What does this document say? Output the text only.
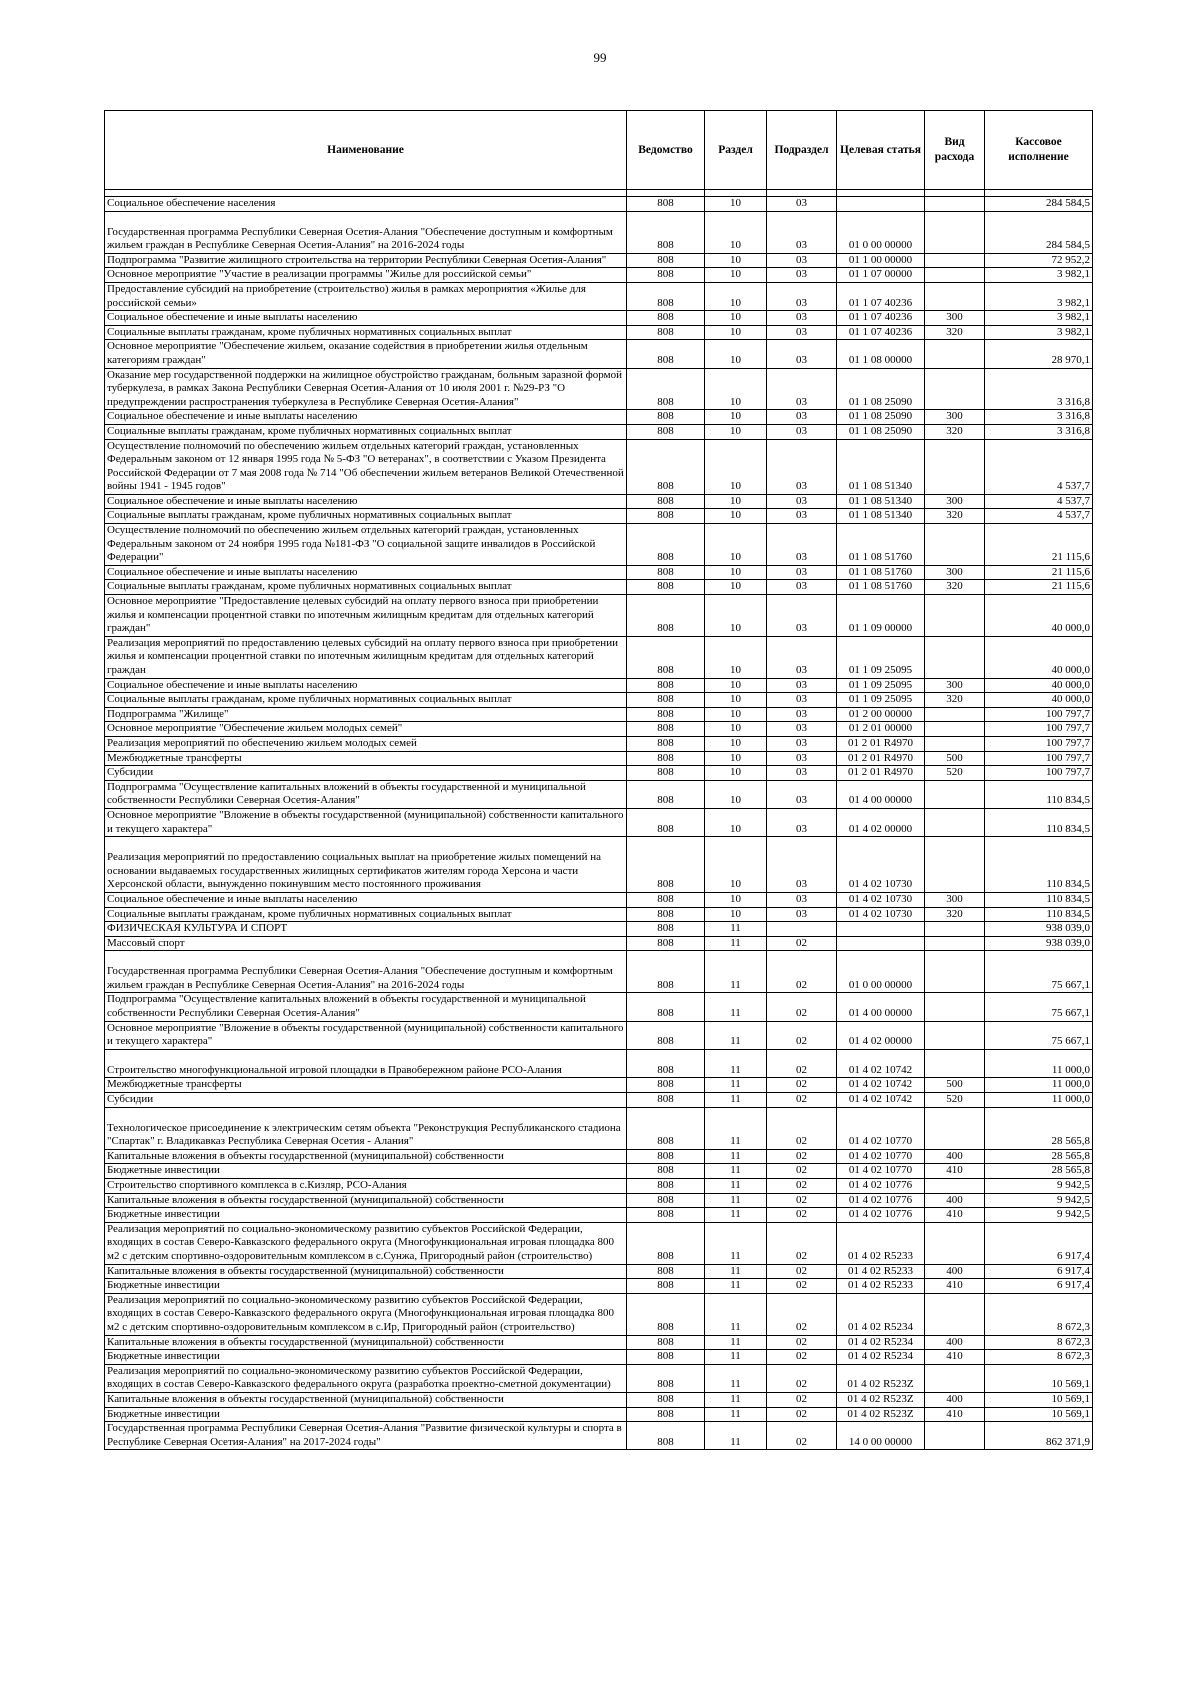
99
Наименование	Ведомство	Раздел	Подраздел	Целевая статья	Вид расхода	Кассовое исполнение

Социальное обеспечение населения	808	10	03			284 584,5
Государственная программа Республики Северная Осетия-Алания "Обеспечение доступным и комфортным жильем граждан в Республике Северная Осетия-Алания" на 2016-2024 годы	808	10	03	01 0 00 00000		284 584,5
Подпрограмма "Развитие жилищного строительства на территории Республики Северная Осетия-Алания"	808	10	03	01 1 00 00000		72 952,2
Основное мероприятие "Участие в реализации программы "Жилье для российской семьи"	808	10	03	01 1 07 00000		3 982,1
Предоставление субсидий на приобретение (строительство) жилья в рамках мероприятия «Жилье для российской семьи»	808	10	03	01 1 07 40236		3 982,1
Социальное обеспечение и иные выплаты населению	808	10	03	01 1 07 40236	300	3 982,1
Социальные выплаты гражданам, кроме публичных нормативных социальных выплат	808	10	03	01 1 07 40236	320	3 982,1
Основное мероприятие "Обеспечение жильем, оказание содействия в приобретении жилья отдельным категориям граждан"	808	10	03	01 1 08 00000		28 970,1
Оказание мер государственной поддержки на жилищное обустройство гражданам, больным заразной формой туберкулеза, в рамках Закона Республики Северная Осетия-Алания от 10 июля 2001 г. №29-РЗ "О предупреждении распространения туберкулеза в Республике Северная Осетия-Алания"	808	10	03	01 1 08 25090		3 316,8
Социальное обеспечение и иные выплаты населению	808	10	03	01 1 08 25090	300	3 316,8
Социальные выплаты гражданам, кроме публичных нормативных социальных выплат	808	10	03	01 1 08 25090	320	3 316,8
Осуществление полномочий по обеспечению жильем отдельных категорий граждан, установленных Федеральным законом от 12 января 1995 года № 5-ФЗ "О ветеранах", в соответствии с Указом Президента Российской Федерации от 7 мая 2008 года № 714 "Об обеспечении жильем ветеранов Великой Отечественной войны 1941 - 1945 годов"	808	10	03	01 1 08 51340		4 537,7
Социальное обеспечение и иные выплаты населению	808	10	03	01 1 08 51340	300	4 537,7
Социальные выплаты гражданам, кроме публичных нормативных социальных выплат	808	10	03	01 1 08 51340	320	4 537,7
Осуществление полномочий по обеспечению жильем отдельных категорий граждан, установленных Федеральным законом от 24 ноября 1995 года №181-ФЗ "О социальной защите инвалидов в Российской Федерации"	808	10	03	01 1 08 51760		21 115,6
Социальное обеспечение и иные выплаты населению	808	10	03	01 1 08 51760	300	21 115,6
Социальные выплаты гражданам, кроме публичных нормативных социальных выплат	808	10	03	01 1 08 51760	320	21 115,6
Основное мероприятие "Предоставление целевых субсидий на оплату первого взноса при приобретении жилья и компенсации процентной ставки по ипотечным жилищным кредитам для отдельных категорий граждан"	808	10	03	01 1 09 00000		40 000,0
Реализация мероприятий по предоставлению целевых субсидий на оплату первого взноса при приобретении жилья и компенсации процентной ставки по ипотечным жилищным кредитам для отдельных категорий граждан	808	10	03	01 1 09 25095		40 000,0
Социальное обеспечение и иные выплаты населению	808	10	03	01 1 09 25095	300	40 000,0
Социальные выплаты гражданам, кроме публичных нормативных социальных выплат	808	10	03	01 1 09 25095	320	40 000,0
Подпрограмма "Жилище"	808	10	03	01 2 00 00000		100 797,7
Основное мероприятие "Обеспечение жильем молодых семей"	808	10	03	01 2 01 00000		100 797,7
Реализация мероприятий по обеспечению жильем молодых семей	808	10	03	01 2 01 R4970		100 797,7
Межбюджетные трансферты	808	10	03	01 2 01 R4970	500	100 797,7
Субсидии	808	10	03	01 2 01 R4970	520	100 797,7
Подпрограмма "Осуществление капитальных вложений в объекты государственной и муниципальной собственности Республики Северная Осетия-Алания"	808	10	03	01 4 00 00000		110 834,5
Основное мероприятие "Вложение в объекты государственной (муниципальной) собственности капитального и текущего характера"	808	10	03	01 4 02 00000		110 834,5
Реализация мероприятий по предоставлению социальных выплат на приобретение жилых помещений на основании выдаваемых государственных жилищных сертификатов жителям города Херсона и части Херсонской области, вынужденно покинувшим место постоянного проживания	808	10	03	01 4 02 10730		110 834,5
Социальное обеспечение и иные выплаты населению	808	10	03	01 4 02 10730	300	110 834,5
Социальные выплаты гражданам, кроме публичных нормативных социальных выплат	808	10	03	01 4 02 10730	320	110 834,5
ФИЗИЧЕСКАЯ КУЛЬТУРА И СПОРТ	808	11				938 039,0
Массовый спорт	808	11	02			938 039,0
Государственная программа Республики Северная Осетия-Алания "Обеспечение доступным и комфортным жильем граждан в Республике Северная Осетия-Алания" на 2016-2024 годы	808	11	02	01 0 00 00000		75 667,1
Подпрограмма "Осуществление капитальных вложений в объекты государственной и муниципальной собственности Республики Северная Осетия-Алания"	808	11	02	01 4 00 00000		75 667,1
Основное мероприятие "Вложение в объекты государственной (муниципальной) собственности капитального и текущего характера"	808	11	02	01 4 02 00000		75 667,1
Строительство многофункциональной игровой площадки в Правобережном районе РСО-Алания	808	11	02	01 4 02 10742		11 000,0
Межбюджетные трансферты	808	11	02	01 4 02 10742	500	11 000,0
Субсидии	808	11	02	01 4 02 10742	520	11 000,0
Технологическое присоединение к электрическим сетям объекта "Реконструкция Республиканского стадиона "Спартак" г. Владикавказ Республика Северная Осетия - Алания"	808	11	02	01 4 02 10770		28 565,8
Капитальные вложения в объекты государственной (муниципальной) собственности	808	11	02	01 4 02 10770	400	28 565,8
Бюджетные инвестиции	808	11	02	01 4 02 10770	410	28 565,8
Строительство спортивного комплекса в с.Кизляр, РСО-Алания	808	11	02	01 4 02 10776		9 942,5
Капитальные вложения в объекты государственной (муниципальной) собственности	808	11	02	01 4 02 10776	400	9 942,5
Бюджетные инвестиции	808	11	02	01 4 02 10776	410	9 942,5
Реализация мероприятий по социально-экономическому развитию субъектов Российской Федерации, входящих в состав Северо-Кавказского федерального округа (Многофункциональная игровая площадка 800 м2 с детским спортивно-оздоровительным комплексом в с.Сунжа, Пригородный район (строительство)	808	11	02	01 4 02 R5233		6 917,4
Капитальные вложения в объекты государственной (муниципальной) собственности	808	11	02	01 4 02 R5233	400	6 917,4
Бюджетные инвестиции	808	11	02	01 4 02 R5233	410	6 917,4
Реализация мероприятий по социально-экономическому развитию субъектов Российской Федерации, входящих в состав Северо-Кавказского федерального округа (Многофункциональная игровая площадка 800 м2 с детским спортивно-оздоровительным комплексом в с.Ир, Пригородный район (строительство)	808	11	02	01 4 02 R5234		8 672,3
Капитальные вложения в объекты государственной (муниципальной) собственности	808	11	02	01 4 02 R5234	400	8 672,3
Бюджетные инвестиции	808	11	02	01 4 02 R5234	410	8 672,3
Реализация мероприятий по социально-экономическому развитию субъектов Российской Федерации, входящих в состав Северо-Кавказского федерального округа (разработка проектно-сметной документации)	808	11	02	01 4 02 R523Z		10 569,1
Капитальные вложения в объекты государственной (муниципальной) собственности	808	11	02	01 4 02 R523Z	400	10 569,1
Бюджетные инвестиции	808	11	02	01 4 02 R523Z	410	10 569,1
Государственная программа Республики Северная Осетия-Алания "Развитие физической культуры и спорта в Республике Северная Осетия-Алания" на 2017-2024 годы"	808	11	02	14 0 00 00000		862 371,9
